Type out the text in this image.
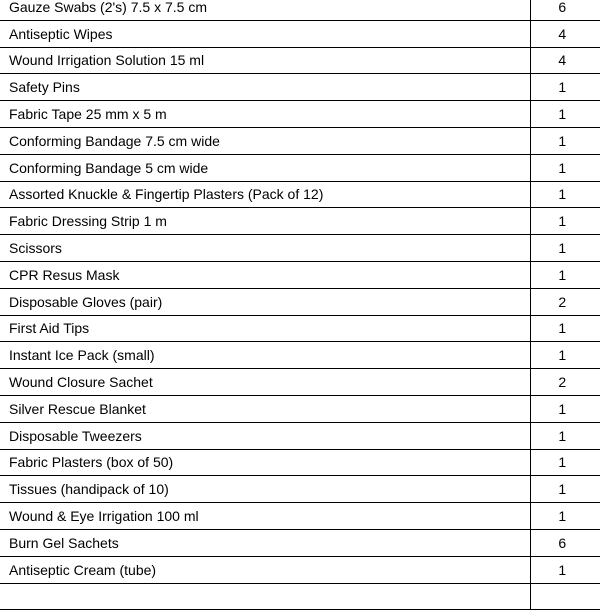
Gauze Swabs (2's) 7.5 x 7.5 cm	6
Antiseptic Wipes	4
Wound Irrigation Solution 15 ml	4
Safety Pins	1
Fabric Tape 25 mm x 5 m	1
Conforming Bandage 7.5 cm wide	1
Conforming Bandage 5 cm wide	1
Assorted Knuckle & Fingertip Plasters (Pack of 12)	1
Fabric Dressing Strip 1 m	1
Scissors	1
CPR Resus Mask	1
Disposable Gloves (pair)	2
First Aid Tips	1
Instant Ice Pack (small)	1
Wound Closure Sachet	2
Silver Rescue Blanket	1
Disposable Tweezers	1
Fabric Plasters (box of 50)	1
Tissues (handipack of 10)	1
Wound & Eye Irrigation 100 ml	1
Burn Gel Sachets	6
Antiseptic Cream (tube)	1
